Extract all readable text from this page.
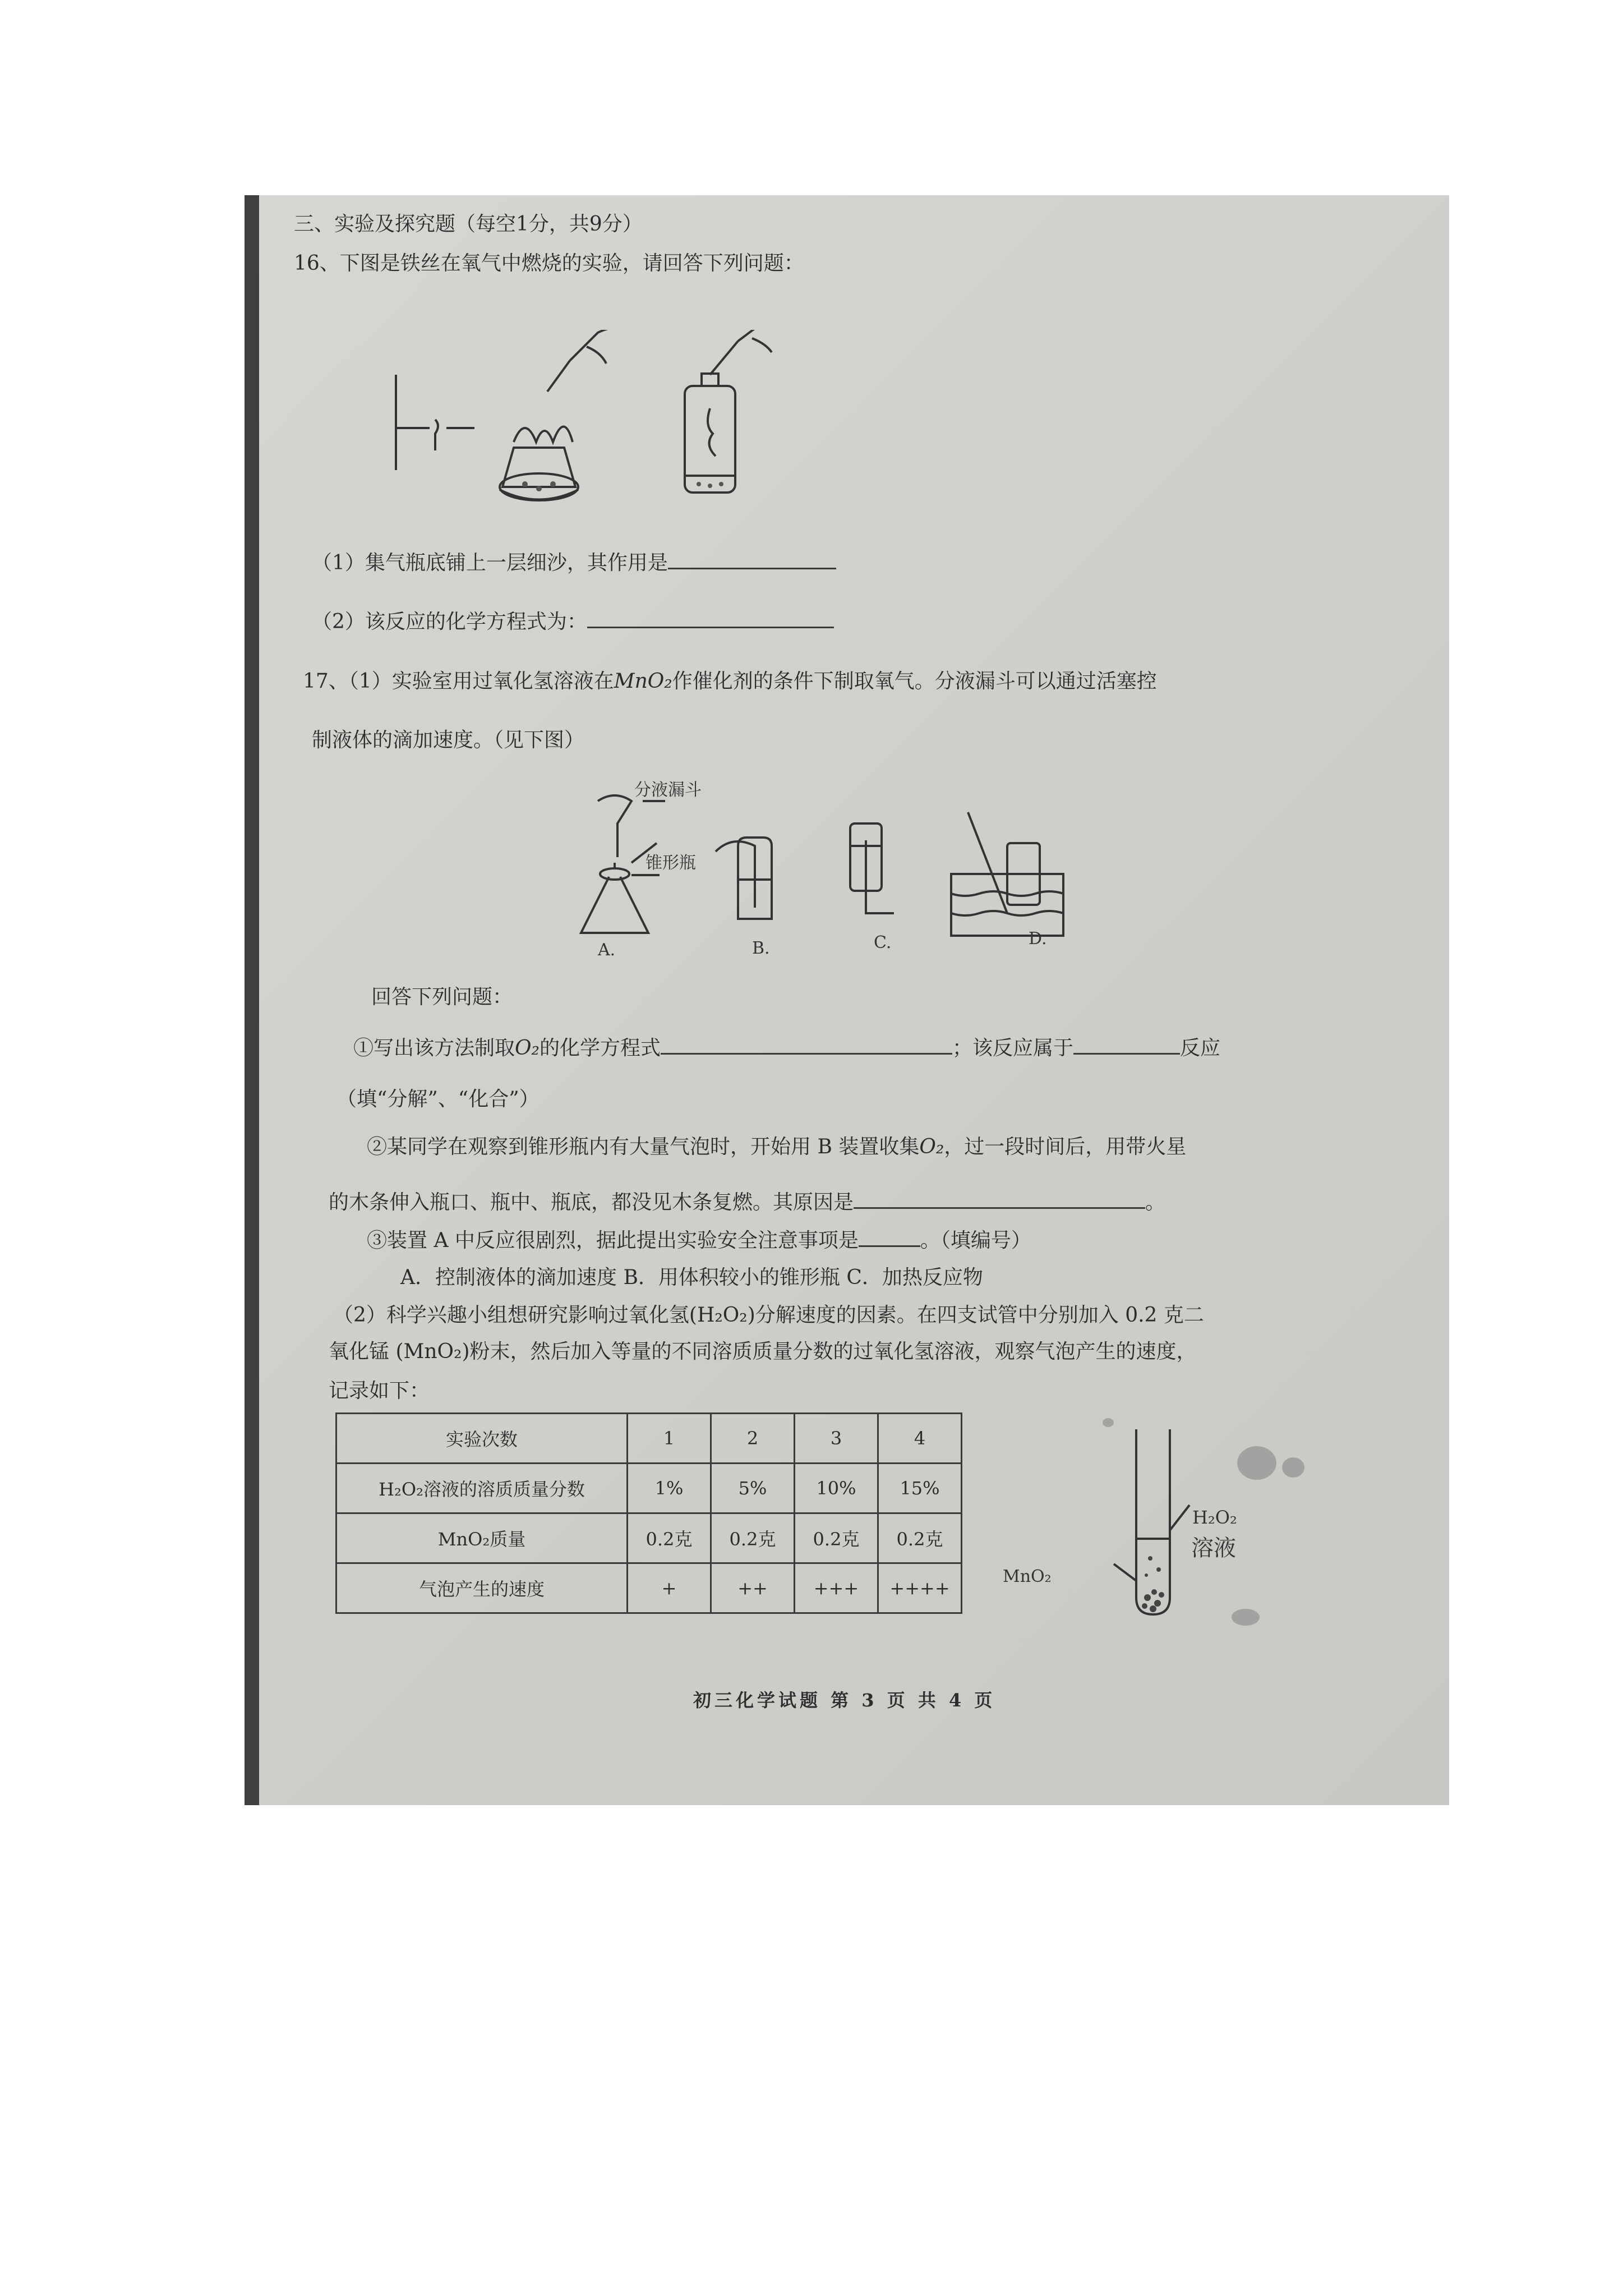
三、实验及探究题（每空1分，共9分）
16、下图是铁丝在氧气中燃烧的实验，请回答下列问题：
（1）集气瓶底铺上一层细沙，其作用是
（2）该反应的化学方程式为：
17、（1）实验室用过氧化氢溶液在MnO₂作催化剂的条件下制取氧气。分液漏斗可以通过活塞控
制液体的滴加速度。（见下图）
分液漏斗
锥形瓶
A.	B.	C.	D.
回答下列问题：
①写出该方法制取O₂的化学方程式	；该反应属于	反应
（填“分解”、“化合”）
②某同学在观察到锥形瓶内有大量气泡时，开始用 B 装置收集O₂，过一段时间后，用带火星
的木条伸入瓶口、瓶中、瓶底，都没见木条复燃。其原因是	。
③装置 A 中反应很剧烈，据此提出实验安全注意事项是	。（填编号）
A．控制液体的滴加速度 B．用体积较小的锥形瓶 C．加热反应物
（2）科学兴趣小组想研究影响过氧化氢(H₂O₂)分解速度的因素。在四支试管中分别加入 0.2 克二
氧化锰 (MnO₂)粉末，然后加入等量的不同溶质质量分数的过氧化氢溶液，观察气泡产生的速度，
记录如下：
实验次数	1	2	3	4
H₂O₂溶液的溶质质量分数	1%	5%	10%	15%
MnO₂质量	0.2克	0.2克	0.2克	0.2克
气泡产生的速度	+	++	+++	++++
H₂O₂
溶液
MnO₂
初三化学试题 第 3 页 共 4 页
